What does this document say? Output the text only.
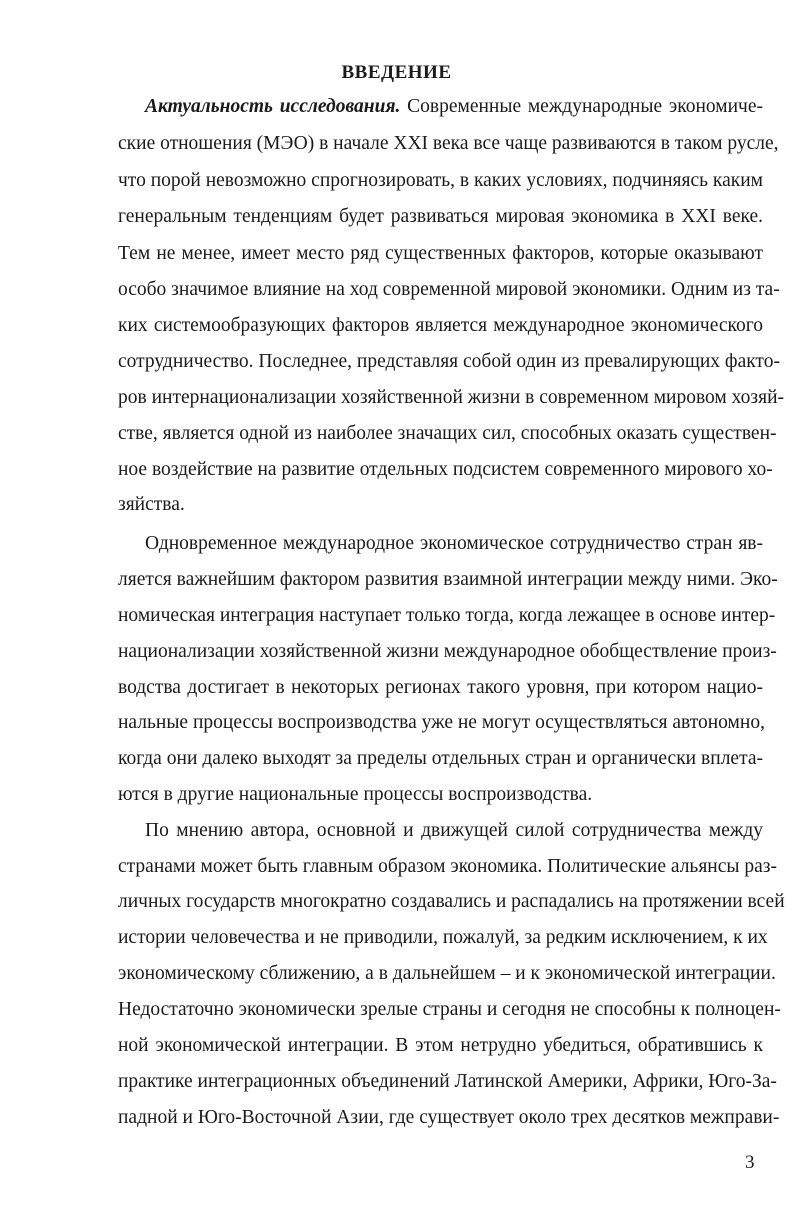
ВВЕДЕНИЕ
Актуальность исследования. Современные международные экономиче-
ские отношения (МЭО) в начале XXI века все чаще развиваются в таком русле,
что порой невозможно спрогнозировать, в каких условиях, подчиняясь каким
генеральным тенденциям будет развиваться мировая экономика в XXI веке.
Тем не менее, имеет место ряд существенных факторов, которые оказывают
особо значимое влияние на ход современной мировой экономики. Одним из та-
ких системообразующих факторов является международное экономического
сотрудничество. Последнее, представляя собой один из превалирующих факто-
ров интернационализации хозяйственной жизни в современном мировом хозяй-
стве, является одной из наиболее значащих сил, способных оказать существен-
ное воздействие на развитие отдельных подсистем современного мирового хо-
зяйства.
Одновременное международное экономическое сотрудничество стран яв-
ляется важнейшим фактором развития взаимной интеграции между ними. Эко-
номическая интеграция наступает только тогда, когда лежащее в основе интер-
национализации хозяйственной жизни международное обобществление произ-
водства достигает в некоторых регионах такого уровня, при котором нацио-
нальные процессы воспроизводства уже не могут осуществляться автономно,
когда они далеко выходят за пределы отдельных стран и органически вплета-
ются в другие национальные процессы воспроизводства.
По мнению автора, основной и движущей силой сотрудничества между
странами может быть главным образом экономика. Политические альянсы раз-
личных государств многократно создавались и распадались на протяжении всей
истории человечества и не приводили, пожалуй, за редким исключением, к их
экономическому сближению, а в дальнейшем – и к экономической интеграции.
Недостаточно экономически зрелые страны и сегодня не способны к полноцен-
ной экономической интеграции. В этом нетрудно убедиться, обратившись к
практике интеграционных объединений Латинской Америки, Африки, Юго-За-
падной и Юго-Восточной Азии, где существует около трех десятков межправи-
3
